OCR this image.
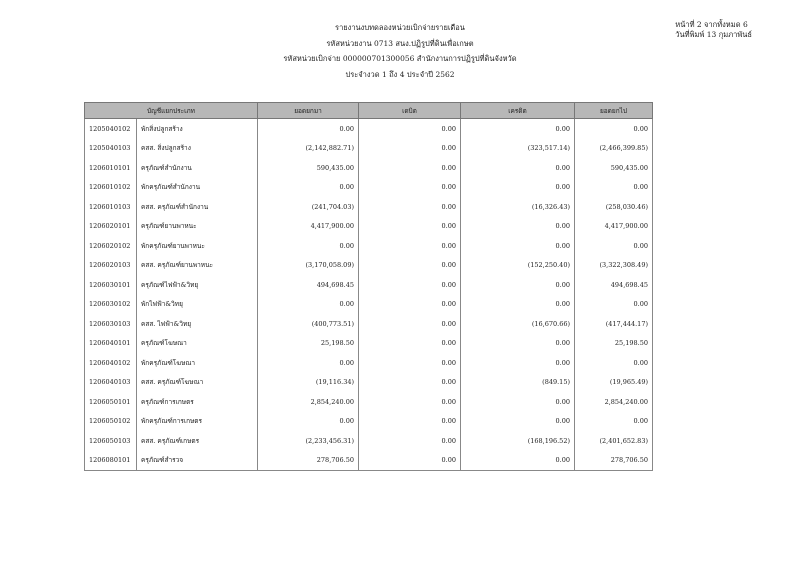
รายงานงบทดลองหน่วยเบิกจ่ายรายเดือน
รหัสหน่วยงาน 0713 สนง.ปฏิรูปที่ดินเพื่อเกษต
รหัสหน่วยเบิกจ่าย 000000701300056 สำนักงานการปฏิรูปที่ดินจังหวัด
ประจำงวด 1 ถึง 4 ประจำปี 2562
หน้าที่ 2 จากทั้งหมด 6
วันที่พิมพ์ 13 กุมภาพันธ์
บัญชีแยกประเภท		ยอดยกมา	เดบิต	เครดิต	ยอดยกไป
1205040102	พักสิ่งปลูกสร้าง	0.00	0.00	0.00	0.00
1205040103	คสส. สิ่งปลูกสร้าง	(2,142,882.71)	0.00	(323,517.14)	(2,466,399.85)
1206010101	ครุภัณฑ์สำนักงาน	590,435.00	0.00	0.00	590,435.00
1206010102	พักครุภัณฑ์สำนักงาน	0.00	0.00	0.00	0.00
1206010103	คสส. ครุภัณฑ์สำนักงาน	(241,704.03)	0.00	(16,326.43)	(258,030.46)
1206020101	ครุภัณฑ์ยานพาหนะ	4,417,900.00	0.00	0.00	4,417,900.00
1206020102	พักครุภัณฑ์ยานพาหนะ	0.00	0.00	0.00	0.00
1206020103	คสส. ครุภัณฑ์ยานพาหนะ	(3,170,058.09)	0.00	(152,250.40)	(3,322,308.49)
1206030101	ครุภัณฑ์ไฟฟ้า&วิทยุ	494,698.45	0.00	0.00	494,698.45
1206030102	พักไฟฟ้า&วิทยุ	0.00	0.00	0.00	0.00
1206030103	คสส. ไฟฟ้า&วิทยุ	(400,773.51)	0.00	(16,670.66)	(417,444.17)
1206040101	ครุภัณฑ์โฆษณา	25,198.50	0.00	0.00	25,198.50
1206040102	พักครุภัณฑ์โฆษณา	0.00	0.00	0.00	0.00
1206040103	คสส. ครุภัณฑ์โฆษณา	(19,116.34)	0.00	(849.15)	(19,965.49)
1206050101	ครุภัณฑ์การเกษตร	2,854,240.00	0.00	0.00	2,854,240.00
1206050102	พักครุภัณฑ์การเกษตร	0.00	0.00	0.00	0.00
1206050103	คสส. ครุภัณฑ์เกษตร	(2,233,456.31)	0.00	(168,196.52)	(2,401,652.83)
1206080101	ครุภัณฑ์สำรวจ	278,706.50	0.00	0.00	278,706.50
